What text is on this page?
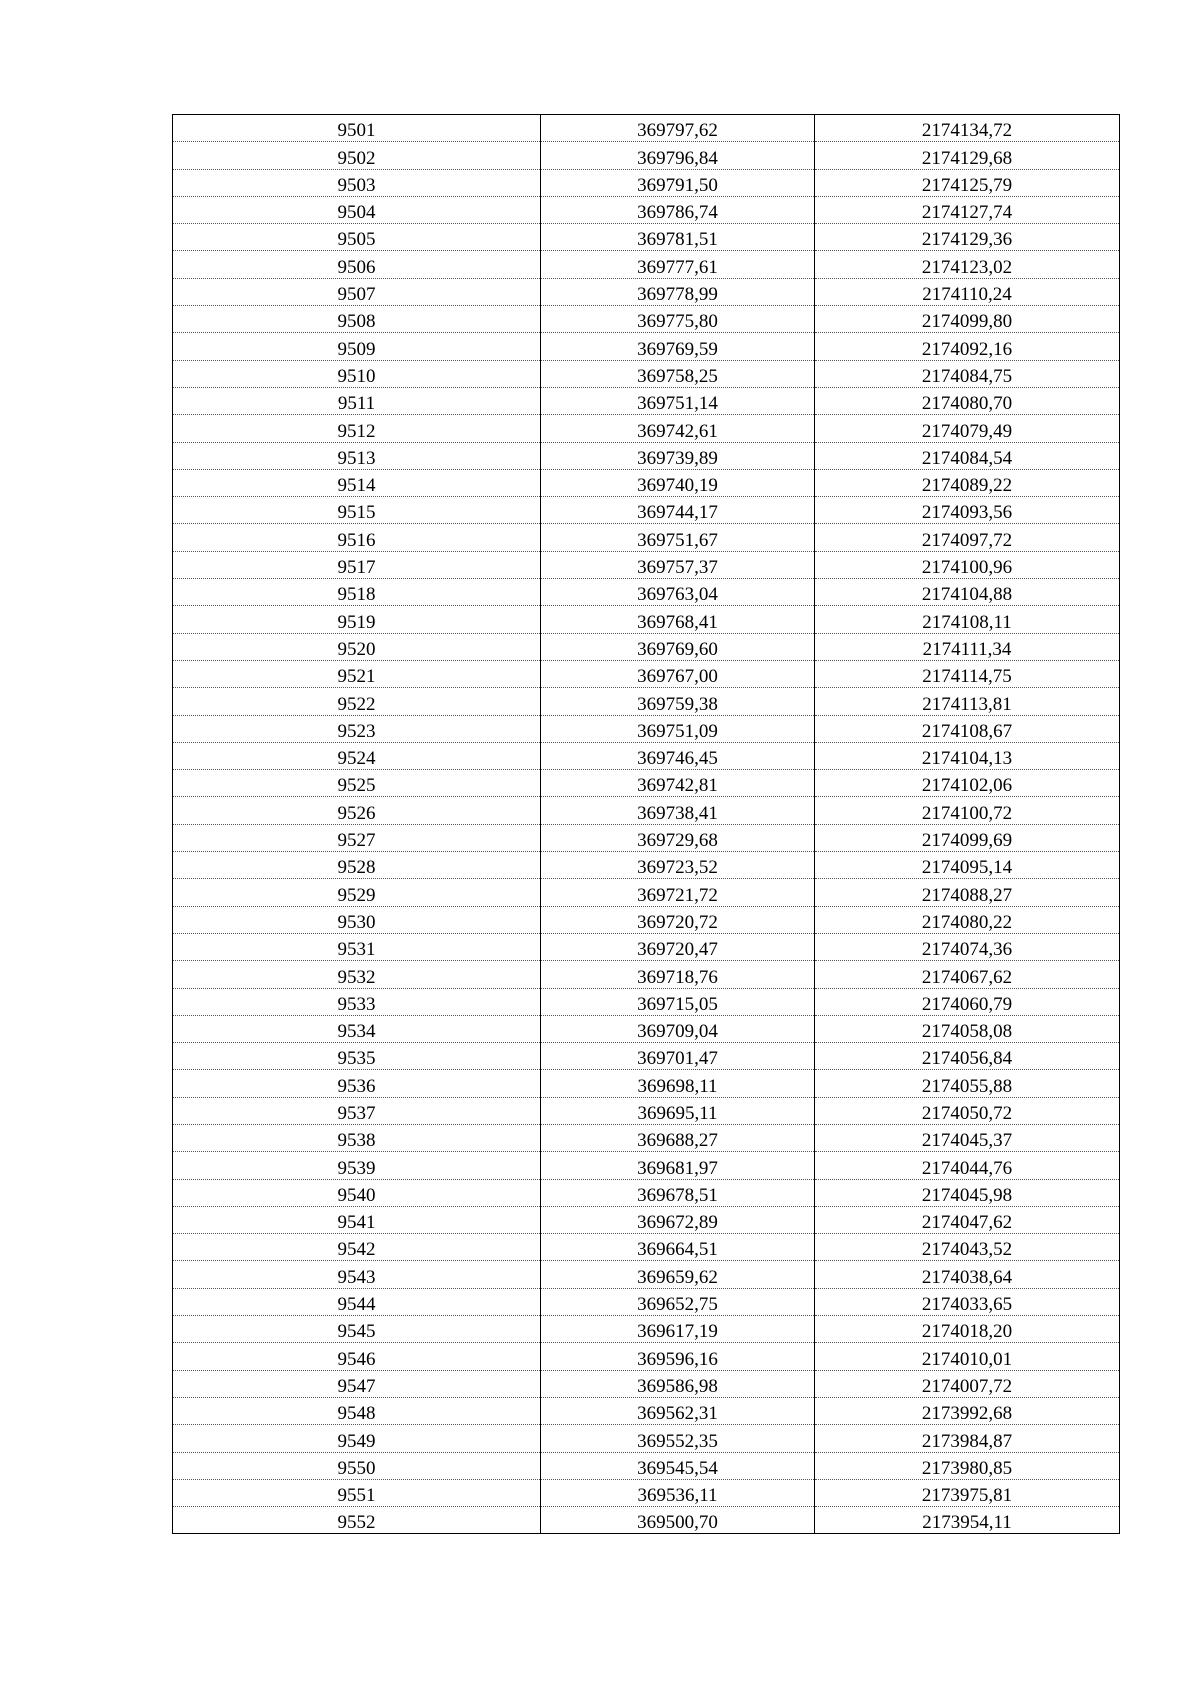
9501	369797,62	2174134,72
9502	369796,84	2174129,68
9503	369791,50	2174125,79
9504	369786,74	2174127,74
9505	369781,51	2174129,36
9506	369777,61	2174123,02
9507	369778,99	2174110,24
9508	369775,80	2174099,80
9509	369769,59	2174092,16
9510	369758,25	2174084,75
9511	369751,14	2174080,70
9512	369742,61	2174079,49
9513	369739,89	2174084,54
9514	369740,19	2174089,22
9515	369744,17	2174093,56
9516	369751,67	2174097,72
9517	369757,37	2174100,96
9518	369763,04	2174104,88
9519	369768,41	2174108,11
9520	369769,60	2174111,34
9521	369767,00	2174114,75
9522	369759,38	2174113,81
9523	369751,09	2174108,67
9524	369746,45	2174104,13
9525	369742,81	2174102,06
9526	369738,41	2174100,72
9527	369729,68	2174099,69
9528	369723,52	2174095,14
9529	369721,72	2174088,27
9530	369720,72	2174080,22
9531	369720,47	2174074,36
9532	369718,76	2174067,62
9533	369715,05	2174060,79
9534	369709,04	2174058,08
9535	369701,47	2174056,84
9536	369698,11	2174055,88
9537	369695,11	2174050,72
9538	369688,27	2174045,37
9539	369681,97	2174044,76
9540	369678,51	2174045,98
9541	369672,89	2174047,62
9542	369664,51	2174043,52
9543	369659,62	2174038,64
9544	369652,75	2174033,65
9545	369617,19	2174018,20
9546	369596,16	2174010,01
9547	369586,98	2174007,72
9548	369562,31	2173992,68
9549	369552,35	2173984,87
9550	369545,54	2173980,85
9551	369536,11	2173975,81
9552	369500,70	2173954,11
